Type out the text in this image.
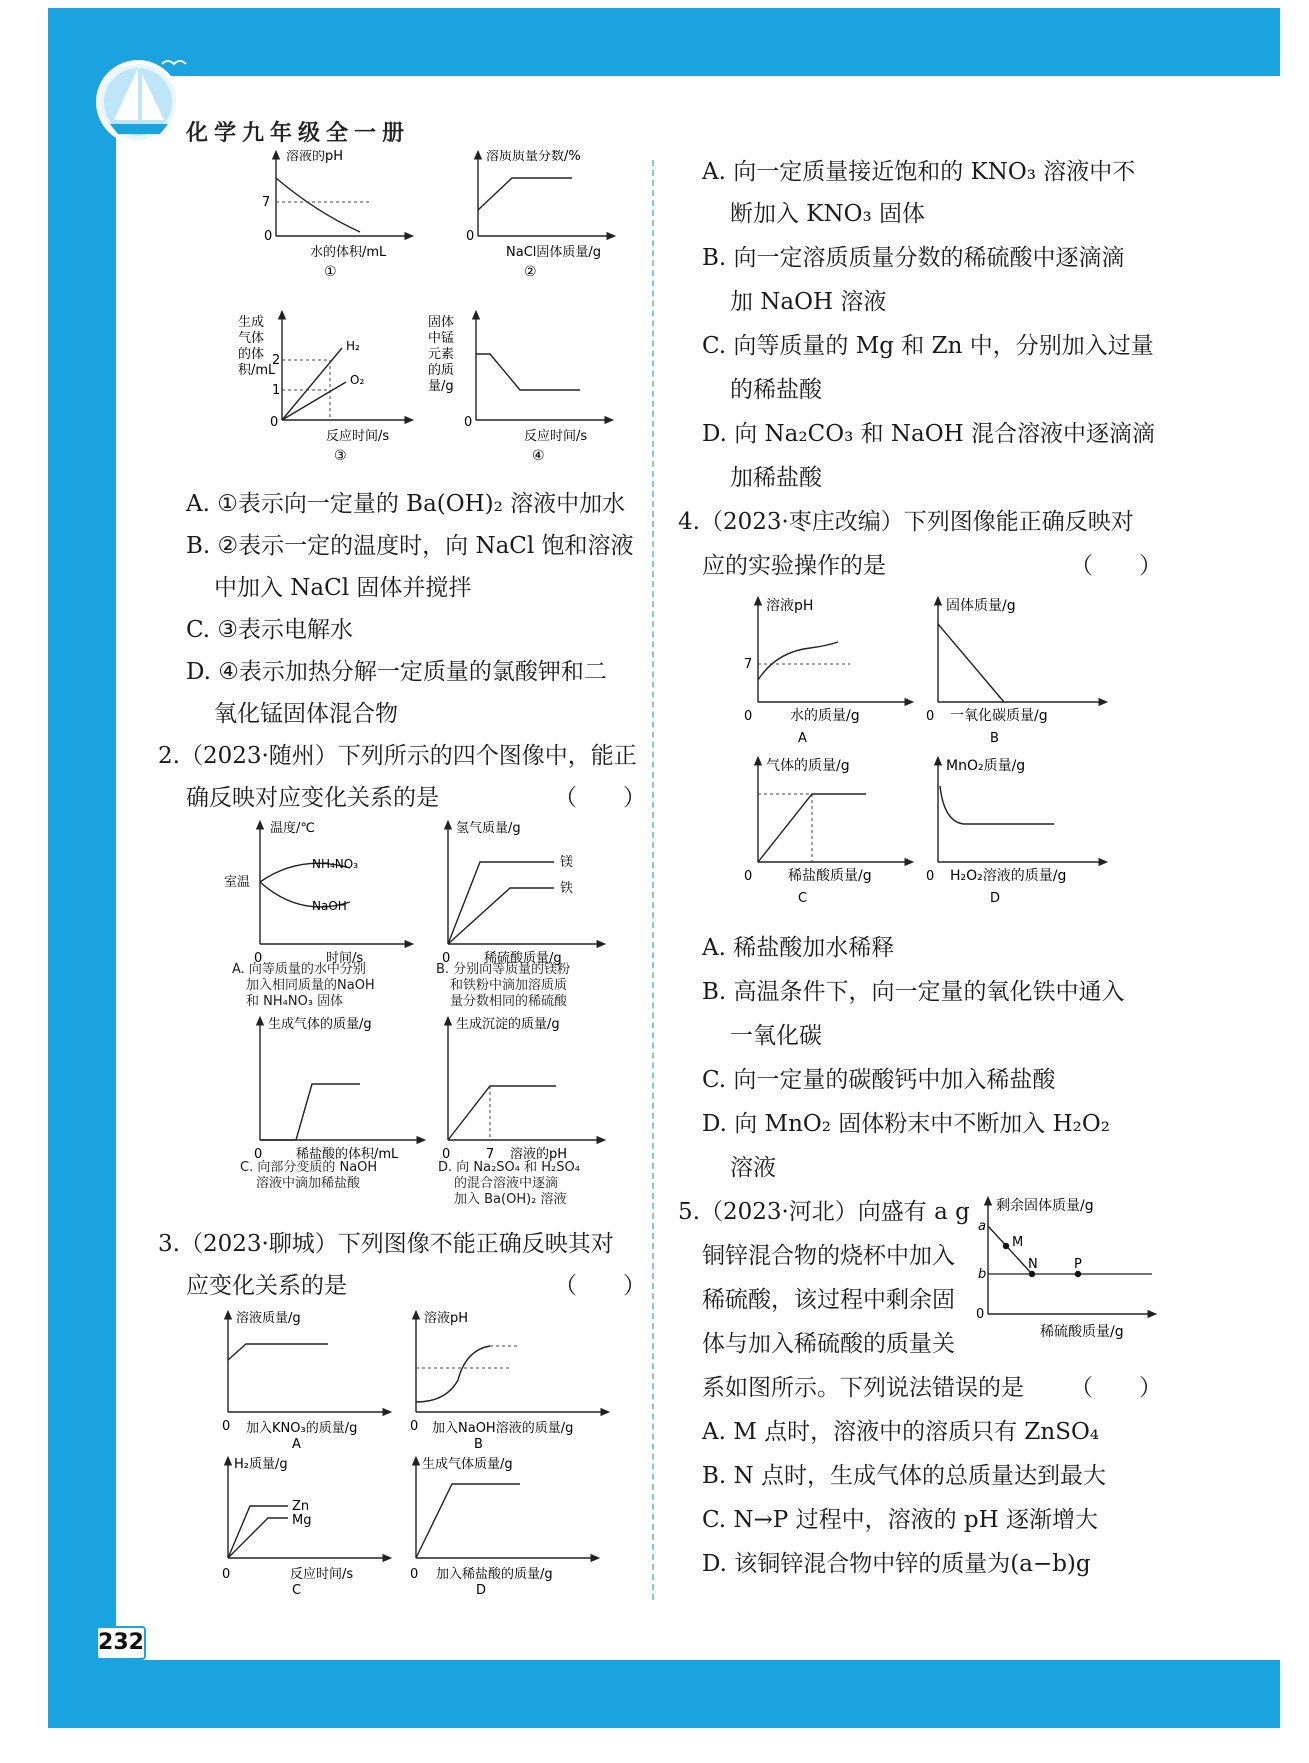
化学九年级全一册
232
溶液的pH
7
0
水的体积/mL
①
溶质质量分数/%
0
NaCl固体质量/g
②
生成
气体
的体
积/mL
2
1
0
H₂
O₂
反应时间/s
③
固体
中锰
元素
的质
量/g
0
反应时间/s
④
A. ①表示向一定量的 Ba(OH)₂ 溶液中加水
B. ②表示一定的温度时，向 NaCl 饱和溶液
中加入 NaCl 固体并搅拌
C. ③表示电解水
D. ④表示加热分解一定质量的氯酸钾和二
氧化锰固体混合物
2.（2023·随州）下列所示的四个图像中，能正
确反映对应变化关系的是	（　　）
温度/℃
室温
NH₄NO₃
NaOH
0	时间/s
A. 向等质量的水中分别
加入相同质量的NaOH
和 NH₄NO₃ 固体
氢气质量/g
镁
铁
0	稀硫酸质量/g
B. 分别向等质量的镁粉
和铁粉中滴加溶质质
量分数相同的稀硫酸
生成气体的质量/g
0	稀盐酸的体积/mL
C. 向部分变质的 NaOH
溶液中滴加稀盐酸
生成沉淀的质量/g
0	7 溶液的pH
D. 向 Na₂SO₄ 和 H₂SO₄
的混合溶液中逐滴
加入 Ba(OH)₂ 溶液
3.（2023·聊城）下列图像不能正确反映其对
应变化关系的是	（　　）
溶液质量/g
0 加入KNO₃的质量/g
A
溶液pH
0 加入NaOH溶液的质量/g
B
H₂质量/g
Zn
Mg
0	反应时间/s
C
生成气体质量/g
0 加入稀盐酸的质量/g
D
A. 向一定质量接近饱和的 KNO₃ 溶液中不
断加入 KNO₃ 固体
B. 向一定溶质质量分数的稀硫酸中逐滴滴
加 NaOH 溶液
C. 向等质量的 Mg 和 Zn 中，分别加入过量
的稀盐酸
D. 向 Na₂CO₃ 和 NaOH 混合溶液中逐滴滴
加稀盐酸
4.（2023·枣庄改编）下列图像能正确反映对
应的实验操作的是	（　　）
溶液pH
7
0	水的质量/g
A
固体质量/g
0 一氧化碳质量/g
B
气体的质量/g
0	稀盐酸质量/g
C
MnO₂质量/g
0 H₂O₂溶液的质量/g
D
A. 稀盐酸加水稀释
B. 高温条件下，向一定量的氧化铁中通入
一氧化碳
C. 向一定量的碳酸钙中加入稀盐酸
D. 向 MnO₂ 固体粉末中不断加入 H₂O₂
溶液
5.（2023·河北）向盛有 a g
铜锌混合物的烧杯中加入
稀硫酸，该过程中剩余固
体与加入稀硫酸的质量关
系如图所示。下列说法错误的是 （　　）
剩余固体质量/g
a
b
0
M
N	P
稀硫酸质量/g
A. M 点时，溶液中的溶质只有 ZnSO₄
B. N 点时，生成气体的总质量达到最大
C. N→P 过程中，溶液的 pH 逐渐增大
D. 该铜锌混合物中锌的质量为(a−b)g
